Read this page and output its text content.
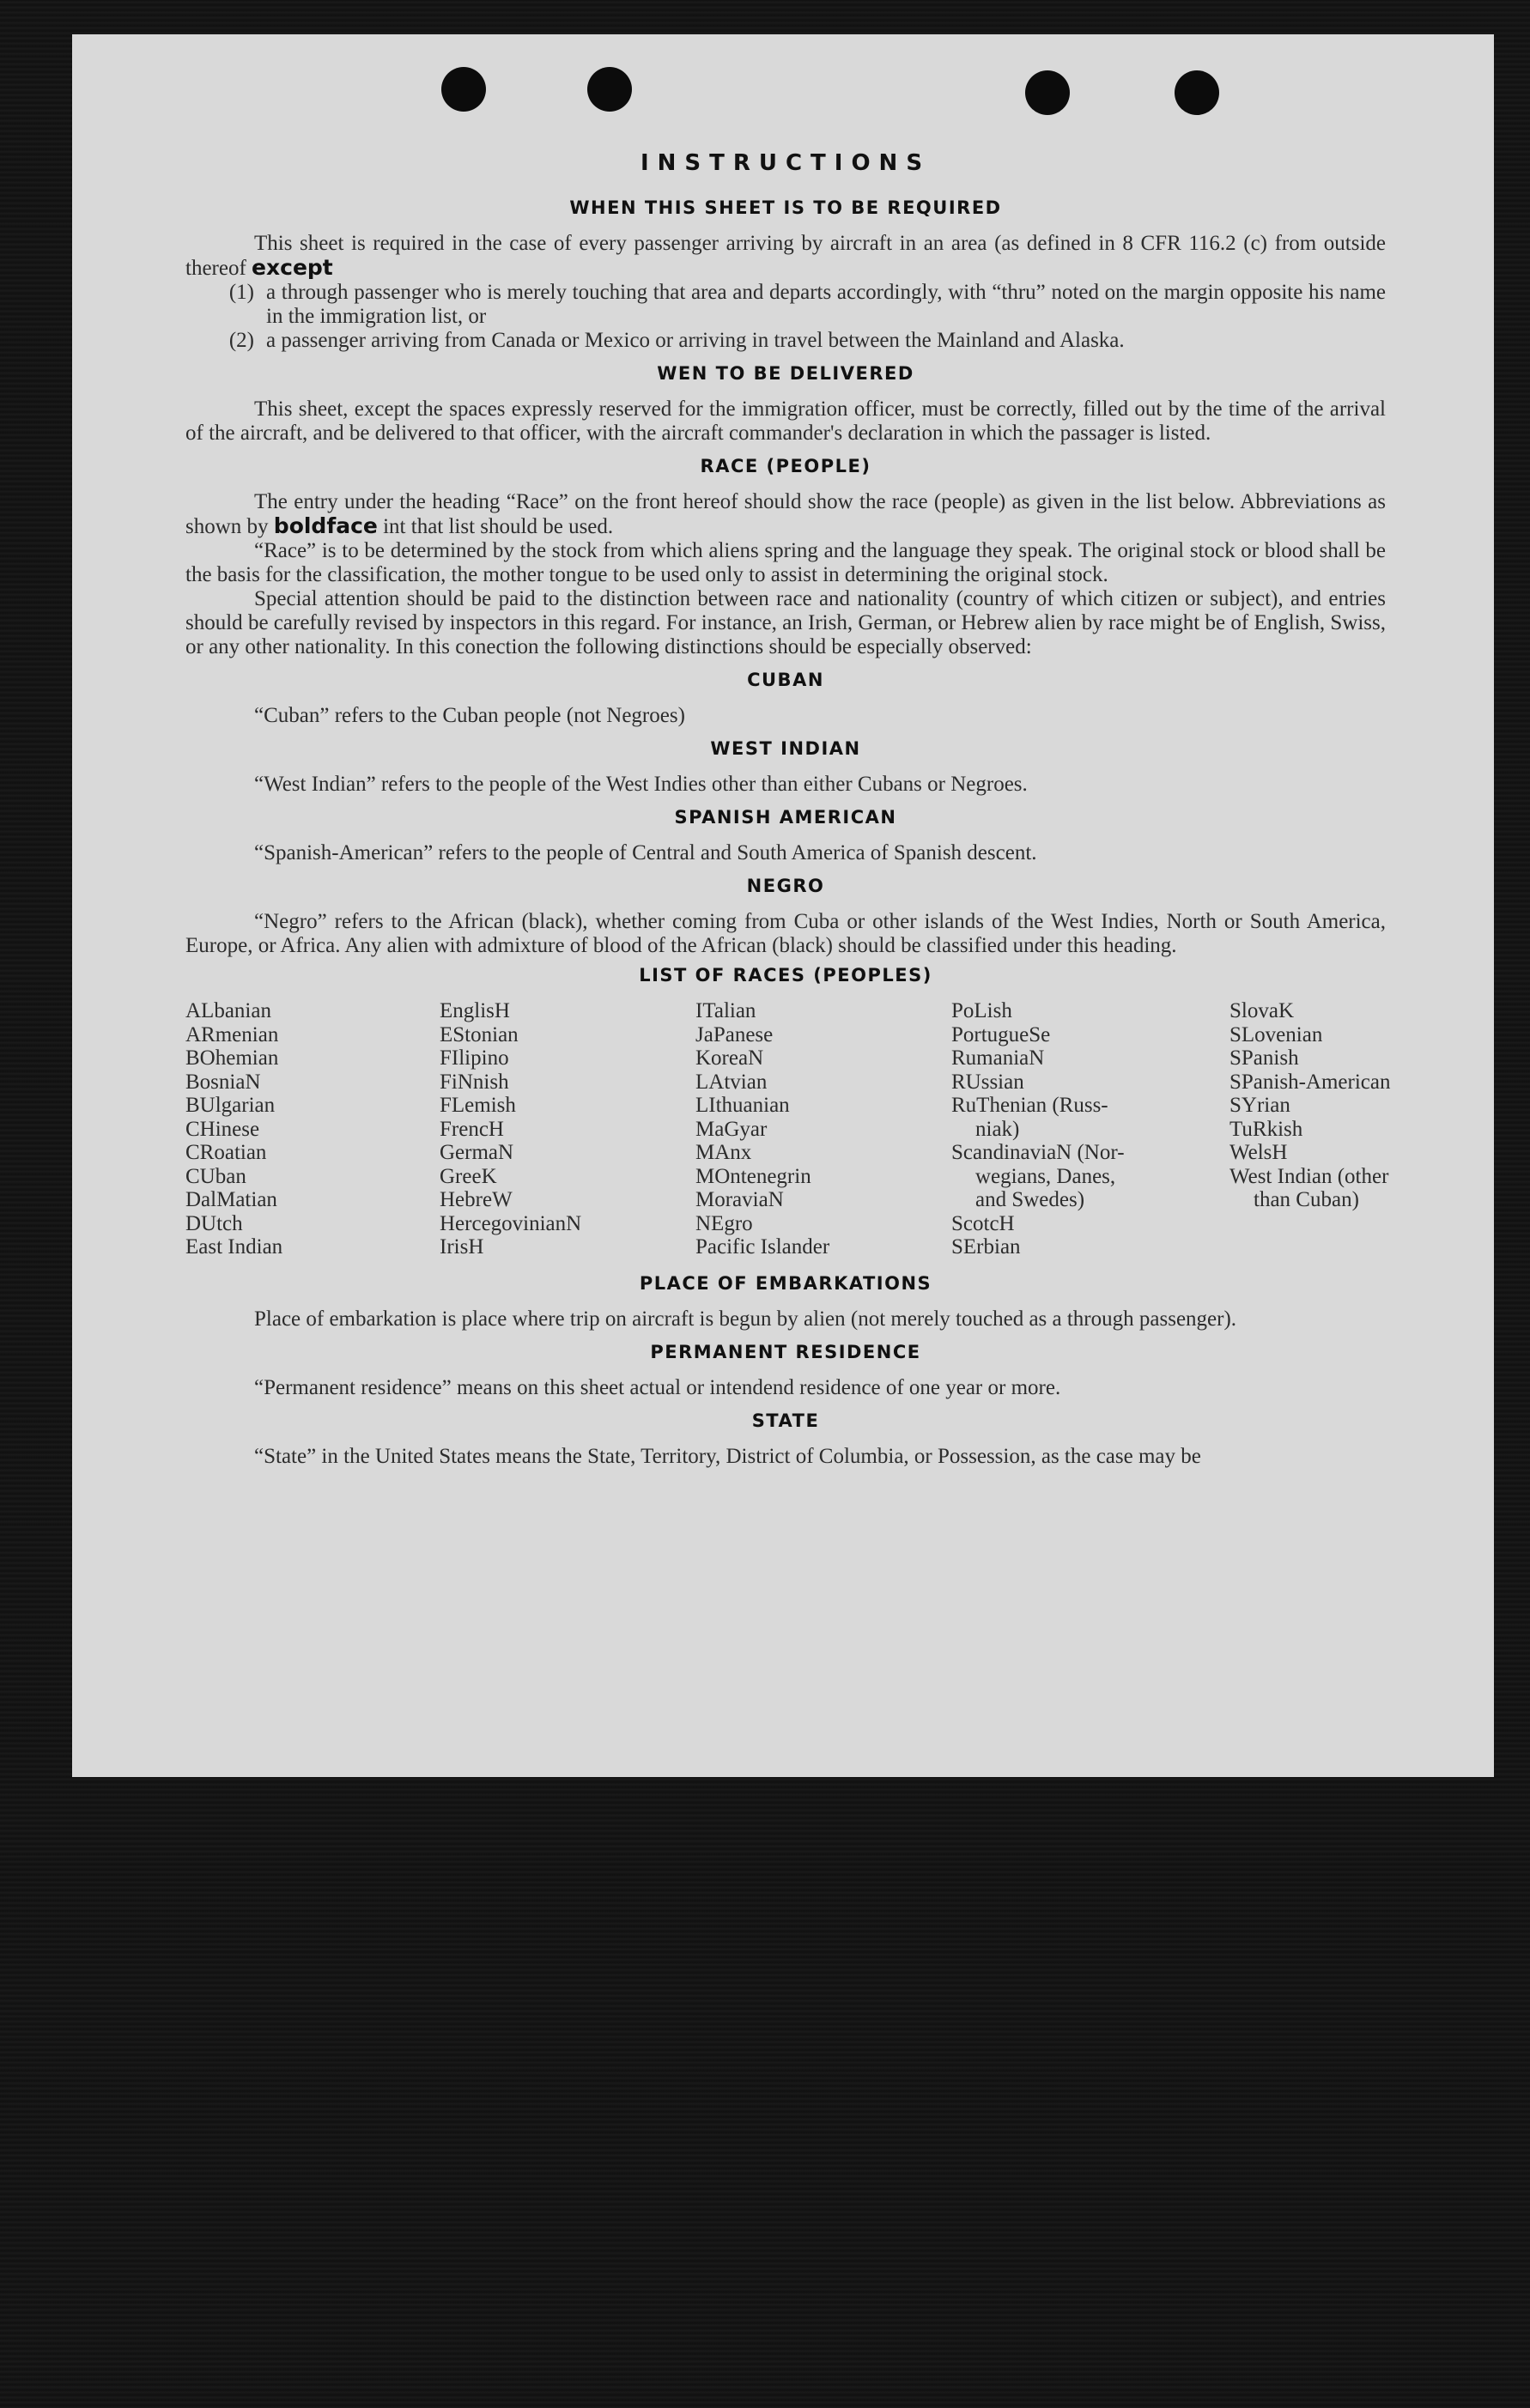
INSTRUCTIONS
WHEN THIS SHEET IS TO BE REQUIRED

This sheet is required in the case of every passenger arriving by aircraft in an area (as defined in 8 CFR 116.2 (c) from outside thereof except

(1) a through passenger who is merely touching that area and departs accordingly, with “thru” noted on the margin opposite his name in the immigration list, or
(2) a passenger arriving from Canada or Mexico or arriving in travel between the Mainland and Alaska.
WEN TO BE DELIVERED

This sheet, except the spaces expressly reserved for the immigration officer, must be correctly, filled out by the time of the arrival of the aircraft, and be delivered to that officer, with the aircraft commander's declaration in which the passager is listed.

RACE (PEOPLE)

The entry under the heading “Race” on the front hereof should show the race (people) as given in the list below. Abbreviations as shown by boldface int that list should be used.

“Race” is to be determined by the stock from which aliens spring and the language they speak. The original stock or blood shall be the basis for the classification, the mother tongue to be used only to assist in determining the original stock.

Special attention should be paid to the distinction between race and nationality (country of which citizen or subject), and entries should be carefully revised by inspectors in this regard. For instance, an Irish, German, or Hebrew alien by race might be of English, Swiss, or any other nationality. In this conection the following distinctions should be especially observed:

CUBAN

“Cuban” refers to the Cuban people (not Negroes)

WEST INDIAN

“West Indian” refers to the people of the West Indies other than either Cubans or Negroes.

SPANISH AMERICAN

“Spanish-American” refers to the people of Central and South America of Spanish descent.

NEGRO

“Negro” refers to the African (black), whether coming from Cuba or other islands of the West Indies, North or South America, Europe, or Africa. Any alien with admixture of blood of the African (black) should be classified under this heading.

LIST OF RACES (PEOPLES)
ALbanian
ARmenian
BOhemian
BosniaN
BUlgarian
CHinese
CRoatian
CUban
DalMatian
DUtch
East Indian
EnglisH
EStonian
FIlipino
FiNnish
FLemish
FrencH
GermaN
GreeK
HebreW
HercegovinianN
IrisH
ITalian
JaPanese
KoreaN
LAtvian
LIthuanian
MaGyar
MAnx
MOntenegrin
MoraviaN
NEgro
Pacific Islander
PoLish
PortugueSe
RumaniaN
RUssian
RuThenian (Russ-
niak)
ScandinaviaN (Nor-
wegians, Danes,
and Swedes)
ScotcH
SErbian
SlovaK
SLovenian
SPanish
SPanish-American
SYrian
TuRkish
WelsH
West Indian (other
than Cuban)
PLACE OF EMBARKATIONS

Place of embarkation is place where trip on aircraft is begun by alien (not merely touched as a through passenger).

PERMANENT RESIDENCE

“Permanent residence” means on this sheet actual or intendend residence of one year or more.

STATE

“State” in the United States means the State, Territory, District of Columbia, or Possession, as the case may be
